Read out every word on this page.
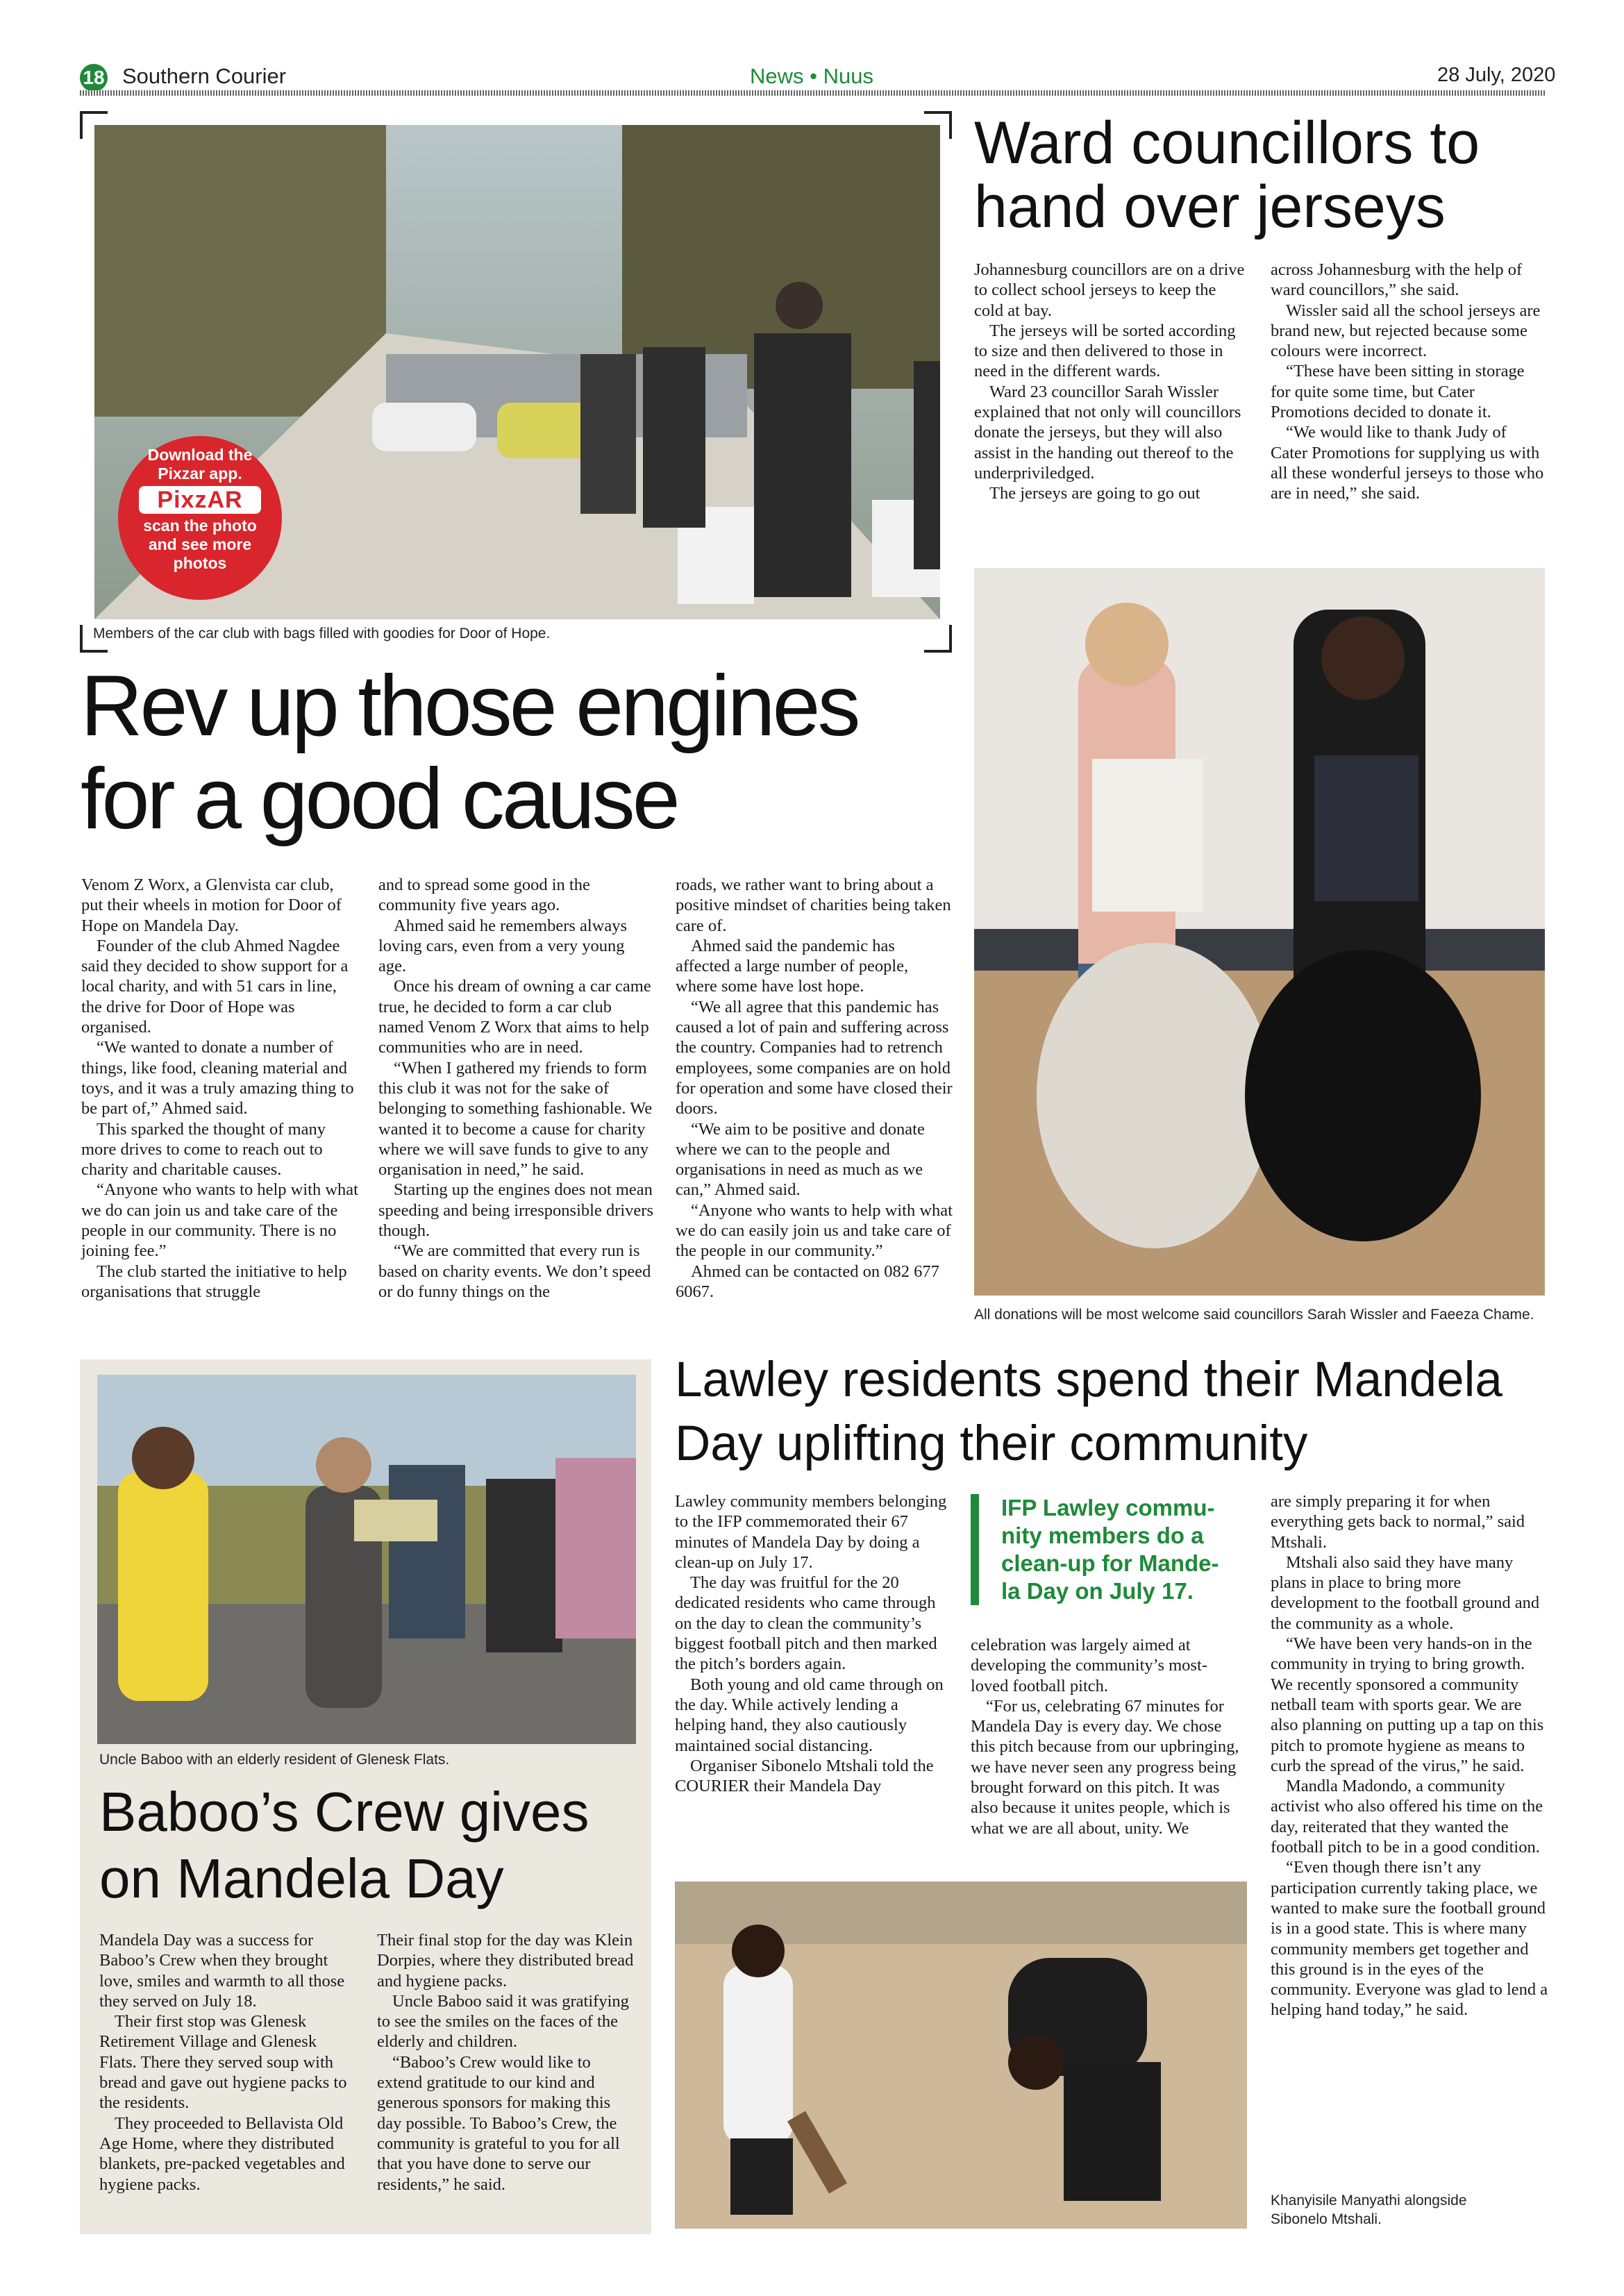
18 Southern Courier	News • Nuus	28 July, 2020
Download the
Pixzar app.
PixzAR
scan the photo
and see more
photos
Members of the car club with bags filled with goodies for Door of Hope.
Rev up those engines
for a good cause

Venom Z Worx, a Glenvista car club, put their wheels in motion for Door of Hope on Mandela Day.

Founder of the club Ahmed Nagdee said they decided to show support for a local charity, and with 51 cars in line, the drive for Door of Hope was organised.

“We wanted to donate a number of things, like food, cleaning material and toys, and it was a truly amazing thing to be part of,” Ahmed said.

This sparked the thought of many more drives to come to reach out to charity and charitable causes.

“Anyone who wants to help with what we do can join us and take care of the people in our community. There is no joining fee.”

The club started the initiative to help organisations that struggle

and to spread some good in the community five years ago.

Ahmed said he remembers always loving cars, even from a very young age.

Once his dream of owning a car came true, he decided to form a car club named Venom Z Worx that aims to help communities who are in need.

“When I gathered my friends to form this club it was not for the sake of belonging to something fashionable. We wanted it to become a cause for charity where we will save funds to give to any organisation in need,” he said.

Starting up the engines does not mean speeding and being irresponsible drivers though.

“We are committed that every run is based on charity events. We don’t speed or do funny things on the

roads, we rather want to bring about a positive mindset of charities being taken care of.

Ahmed said the pandemic has affected a large number of people, where some have lost hope.

“We all agree that this pandemic has caused a lot of pain and suffering across the country. Companies had to retrench employees, some companies are on hold for operation and some have closed their doors.

“We aim to be positive and donate where we can to the people and organisations in need as much as we can,” Ahmed said.

“Anyone who wants to help with what we do can easily join us and take care of the people in our community.”

Ahmed can be contacted on 082 677 6067.

Ward councillors to
hand over jerseys

Johannesburg councillors are on a drive to collect school jerseys to keep the cold at bay.

The jerseys will be sorted according to size and then delivered to those in need in the different wards.

Ward 23 councillor Sarah Wissler explained that not only will councillors donate the jerseys, but they will also assist in the handing out thereof to the underpriviledged.

The jerseys are going to go out

across Johannesburg with the help of ward councillors,” she said.

Wissler said all the school jerseys are brand new, but rejected because some colours were incorrect.

“These have been sitting in storage for quite some time, but Cater Promotions decided to donate it.

“We would like to thank Judy of Cater Promotions for supplying us with all these wonderful jerseys to those who are in need,” she said.

All donations will be most welcome said councillors Sarah Wissler and Faeeza Chame.
Uncle Baboo with an elderly resident of Glenesk Flats.
Baboo’s Crew gives
on Mandela Day

Mandela Day was a success for Baboo’s Crew when they brought love, smiles and warmth to all those they served on July 18.

Their first stop was Glenesk Retirement Village and Glenesk Flats. There they served soup with bread and gave out hygiene packs to the residents.

They proceeded to Bellavista Old Age Home, where they distributed blankets, pre-packed vegetables and hygiene packs.

Their final stop for the day was Klein Dorpies, where they distributed bread and hygiene packs.

Uncle Baboo said it was gratifying to see the smiles on the faces of the elderly and children.

“Baboo’s Crew would like to extend gratitude to our kind and generous sponsors for making this day possible. To Baboo’s Crew, the community is grateful to you for all that you have done to serve our residents,” he said.

Lawley residents spend their Mandela
Day uplifting their community

Lawley community members belonging to the IFP commemorated their 67 minutes of Mandela Day by doing a clean-up on July 17.

The day was fruitful for the 20 dedicated residents who came through on the day to clean the community’s biggest football pitch and then marked the pitch’s borders again.

Both young and old came through on the day. While actively lending a helping hand, they also cautiously maintained social distancing.

Organiser Sibonelo Mtshali told the COURIER their Mandela Day

IFP Lawley commu-
nity members do a
clean-up for Mande-
la Day on July 17.

celebration was largely aimed at developing the community’s most-loved football pitch.

“For us, celebrating 67 minutes for Mandela Day is every day. We chose this pitch because from our upbringing, we have never seen any progress being brought forward on this pitch. It was also because it unites people, which is what we are all about, unity. We

are simply preparing it for when everything gets back to normal,” said Mtshali.

Mtshali also said they have many plans in place to bring more development to the football ground and the community as a whole.

“We have been very hands-on in the community in trying to bring growth. We recently sponsored a community netball team with sports gear. We are also planning on putting up a tap on this pitch to promote hygiene as means to curb the spread of the virus,” he said.

Mandla Madondo, a community activist who also offered his time on the day, reiterated that they wanted the football pitch to be in a good condition.

“Even though there isn’t any participation currently taking place, we wanted to make sure the football ground is in a good state. This is where many community members get together and this ground is in the eyes of the community. Everyone was glad to lend a helping hand today,” he said.

Khanyisile Manyathi alongside
Sibonelo Mtshali.
